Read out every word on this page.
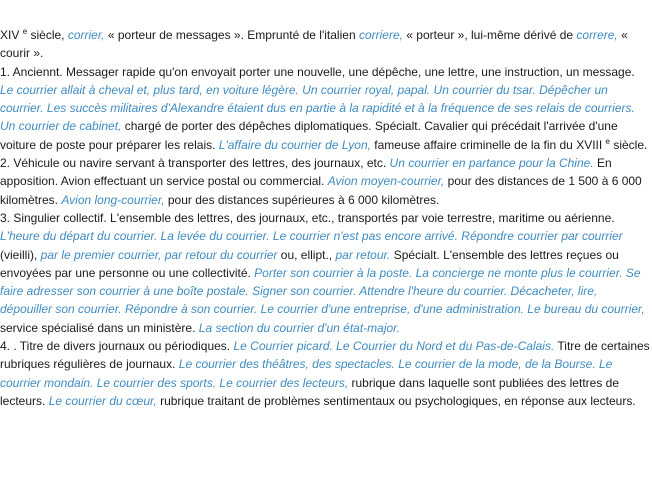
XIV $^e$ siècle, corrier, « porteur de messages ». Emprunté de l'italien corriere, « porteur », lui-même dérivé de correre, « courir ».
1. Anciennt. Messager rapide qu'on envoyait porter une nouvelle, une dépêche, une lettre, une instruction, un message. Le courrier allait à cheval et, plus tard, en voiture légère. Un courrier royal, papal. Un courrier du tsar. Dépêcher un courrier. Les succès militaires d'Alexandre étaient dus en partie à la rapidité et à la fréquence de ses relais de courriers. Un courrier de cabinet, chargé de porter des dépêches diplomatiques. Spécialt. Cavalier qui précédait l'arrivée d'une voiture de poste pour préparer les relais. L'affaire du courrier de Lyon, fameuse affaire criminelle de la fin du XVIII $^e$ siècle.
2. Véhicule ou navire servant à transporter des lettres, des journaux, etc. Un courrier en partance pour la Chine. En apposition. Avion effectuant un service postal ou commercial. Avion moyen-courrier, pour des distances de 1 500 à 6 000 kilomètres. Avion long-courrier, pour des distances supérieures à 6 000 kilomètres.
3. Singulier collectif. L'ensemble des lettres, des journaux, etc., transportés par voie terrestre, maritime ou aérienne. L'heure du départ du courrier. La levée du courrier. Le courrier n'est pas encore arrivé. Répondre courrier par courrier (vieilli), par le premier courrier, par retour du courrier ou, ellipt., par retour. Spécialt. L'ensemble des lettres reçues ou envoyées par une personne ou une collectivité. Porter son courrier à la poste. La concierge ne monte plus le courrier. Se faire adresser son courrier à une boîte postale. Signer son courrier. Attendre l'heure du courrier. Décacheter, lire, dépouiller son courrier. Répondre à son courrier. Le courrier d'une entreprise, d'une administration. Le bureau du courrier, service spécialisé dans un ministère. La section du courrier d'un état-major.
4. . Titre de divers journaux ou périodiques. Le Courrier picard. Le Courrier du Nord et du Pas-de-Calais. Titre de certaines rubriques régulières de journaux. Le courrier des théâtres, des spectacles. Le courrier de la mode, de la Bourse. Le courrier mondain. Le courrier des sports. Le courrier des lecteurs, rubrique dans laquelle sont publiées des lettres de lecteurs. Le courrier du cœur, rubrique traitant de problèmes sentimentaux ou psychologiques, en réponse aux lecteurs.
